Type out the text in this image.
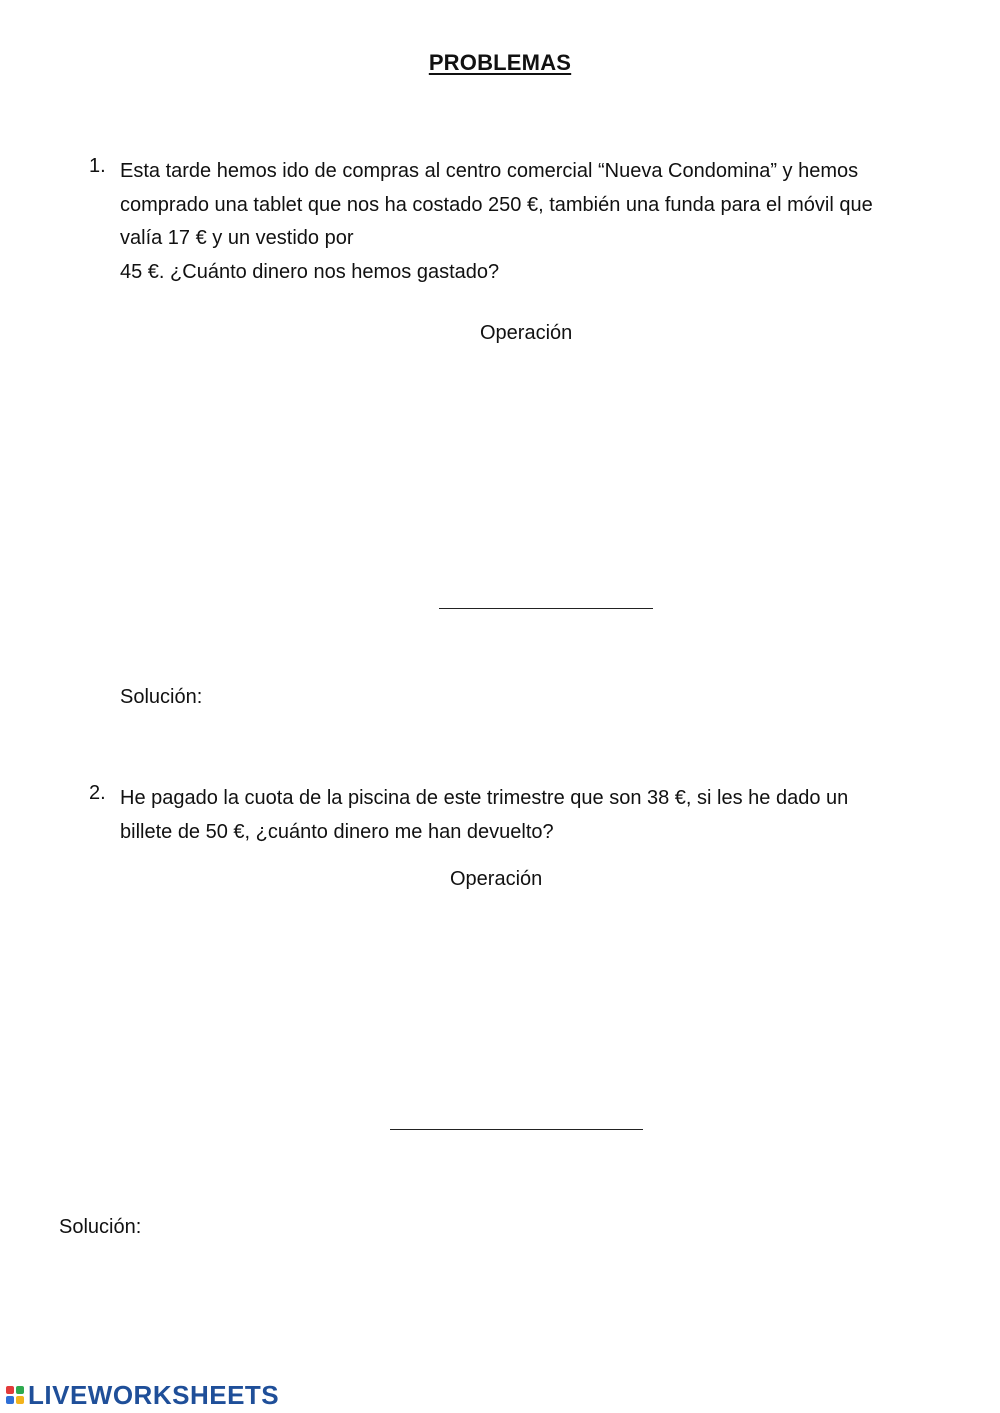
PROBLEMAS
1. Esta tarde hemos ido de compras al centro comercial “Nueva Condomina” y hemos
comprado una tablet que nos ha costado 250 €, también una funda para el móvil que
valía 17 € y un vestido por
45 €. ¿Cuánto dinero nos hemos gastado?
Operación
Solución:
2. He pagado la cuota de la piscina de este trimestre que son 38 €, si les he dado un
billete de 50 €, ¿cuánto dinero me han devuelto?
Operación
Solución:
LIVEWORKSHEETS
